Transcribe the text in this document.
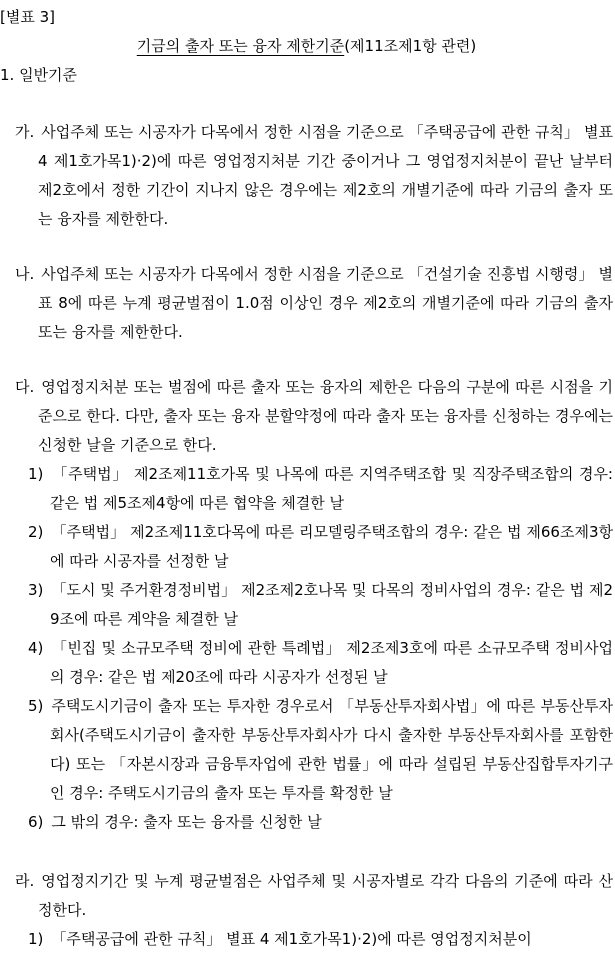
[별표 3]
기금의 출자 또는 융자 제한기준(제11조제1항 관련)
1. 일반기준

가. 사업주체 또는 시공자가 다목에서 정한 시점을 기준으로 「주택공급에 관한 규칙」 별표 4 제1호가목1)·2)에 따른 영업정지처분 기간 중이거나 그 영업정지처분이 끝난 날부터 제2호에서 정한 기간이 지나지 않은 경우에는 제2호의 개별기준에 따라 기금의 출자 또는 융자를 제한한다.

나. 사업주체 또는 시공자가 다목에서 정한 시점을 기준으로 「건설기술 진흥법 시행령」 별표 8에 따른 누계 평균벌점이 1.0점 이상인 경우 제2호의 개별기준에 따라 기금의 출자 또는 융자를 제한한다.

다. 영업정지처분 또는 벌점에 따른 출자 또는 융자의 제한은 다음의 구분에 따른 시점을 기준으로 한다. 다만, 출자 또는 융자 분할약정에 따라 출자 또는 융자를 신청하는 경우에는 신청한 날을 기준으로 한다.

1) 「주택법」 제2조제11호가목 및 나목에 따른 지역주택조합 및 직장주택조합의 경우: 같은 법 제5조제4항에 따른 협약을 체결한 날

2) 「주택법」 제2조제11호다목에 따른 리모델링주택조합의 경우: 같은 법 제66조제3항에 따라 시공자를 선정한 날

3) 「도시 및 주거환경정비법」 제2조제2호나목 및 다목의 정비사업의 경우: 같은 법 제29조에 따른 계약을 체결한 날

4) 「빈집 및 소규모주택 정비에 관한 특례법」 제2조제3호에 따른 소규모주택 정비사업의 경우: 같은 법 제20조에 따라 시공자가 선정된 날

5) 주택도시기금이 출자 또는 투자한 경우로서 「부동산투자회사법」에 따른 부동산투자회사(주택도시기금이 출자한 부동산투자회사가 다시 출자한 부동산투자회사를 포함한다) 또는 「자본시장과 금융투자업에 관한 법률」에 따라 설립된 부동산집합투자기구인 경우: 주택도시기금의 출자 또는 투자를 확정한 날

6) 그 밖의 경우: 출자 또는 융자를 신청한 날

라. 영업정지기간 및 누계 평균벌점은 사업주체 및 시공자별로 각각 다음의 기준에 따라 산정한다.

1) 「주택공급에 관한 규칙」 별표 4 제1호가목1)·2)에 따른 영업정지처분이
